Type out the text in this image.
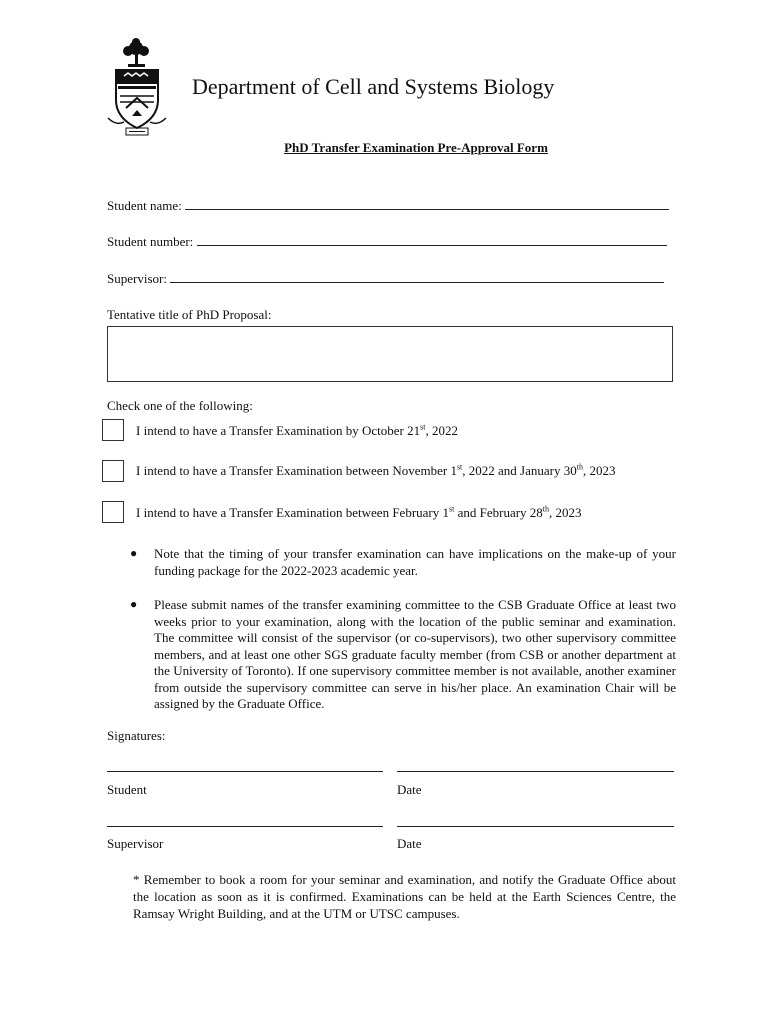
Department of Cell and Systems Biology
PhD Transfer Examination Pre-Approval Form
Student name:
Student number:
Supervisor:
Tentative title of PhD Proposal:
Check one of the following:
I intend to have a Transfer Examination by October 21st, 2022
I intend to have a Transfer Examination between November 1st, 2022 and January 30th, 2023
I intend to have a Transfer Examination between February 1st and February 28th, 2023
● Note that the timing of your transfer examination can have implications on the make-up of your funding package for the 2022-2023 academic year.
● Please submit names of the transfer examining committee to the CSB Graduate Office at least two weeks prior to your examination, along with the location of the public seminar and examination. The committee will consist of the supervisor (or co-supervisors), two other supervisory committee members, and at least one other SGS graduate faculty member (from CSB or another department at the University of Toronto). If one supervisory committee member is not available, another examiner from outside the supervisory committee can serve in his/her place. An examination Chair will be assigned by the Graduate Office.
Signatures:
Student	Date
Supervisor	Date
* Remember to book a room for your seminar and examination, and notify the Graduate Office about the location as soon as it is confirmed. Examinations can be held at the Earth Sciences Centre, the Ramsay Wright Building, and at the UTM or UTSC campuses.
